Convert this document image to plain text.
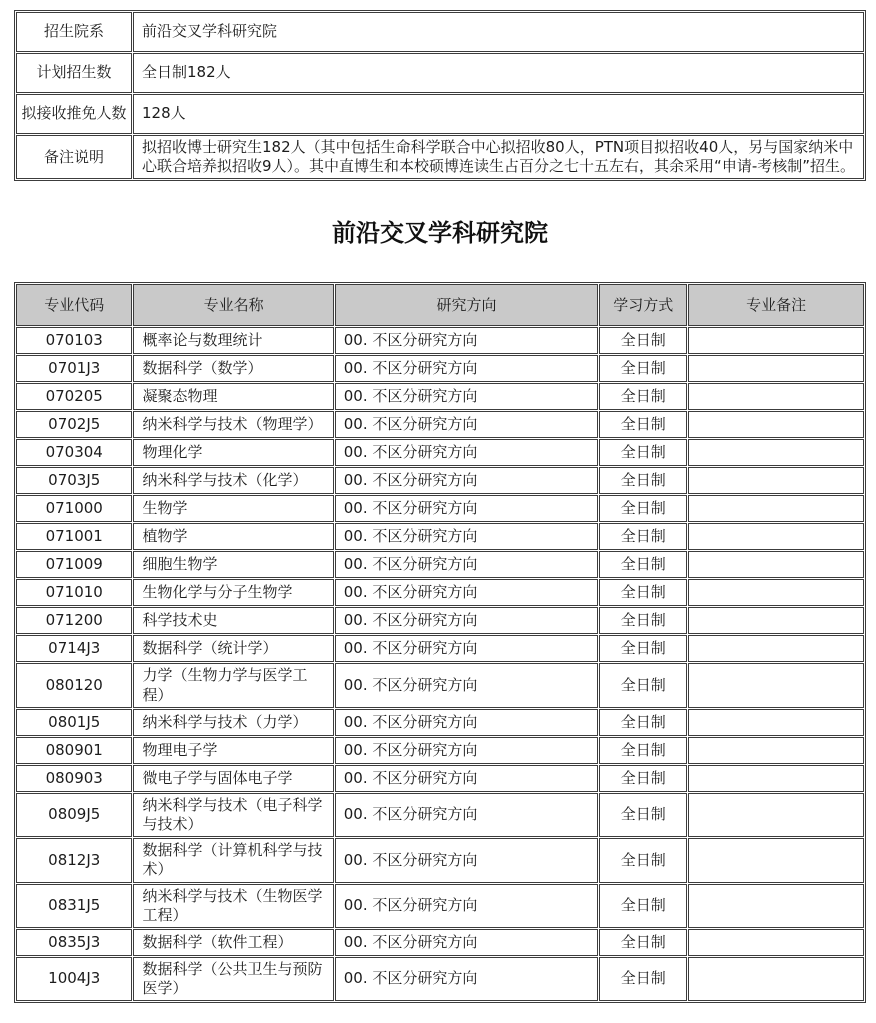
招生院系	前沿交叉学科研究院
计划招生数	全日制182人
拟接收推免人数	128人
备注说明	拟招收博士研究生182人（其中包括生命科学联合中心拟招收80人，PTN项目拟招收40人，另与国家纳米中心联合培养拟招收9人）。其中直博生和本校硕博连读生占百分之七十五左右，其余采用“申请-考核制”招生。
前沿交叉学科研究院
专业代码	专业名称	研究方向	学习方式	专业备注
070103	概率论与数理统计	00. 不区分研究方向	全日制	
0701J3	数据科学（数学）	00. 不区分研究方向	全日制	
070205	凝聚态物理	00. 不区分研究方向	全日制	
0702J5	纳米科学与技术（物理学）	00. 不区分研究方向	全日制	
070304	物理化学	00. 不区分研究方向	全日制	
0703J5	纳米科学与技术（化学）	00. 不区分研究方向	全日制	
071000	生物学	00. 不区分研究方向	全日制	
071001	植物学	00. 不区分研究方向	全日制	
071009	细胞生物学	00. 不区分研究方向	全日制	
071010	生物化学与分子生物学	00. 不区分研究方向	全日制	
071200	科学技术史	00. 不区分研究方向	全日制	
0714J3	数据科学（统计学）	00. 不区分研究方向	全日制	
080120	力学（生物力学与医学工程）	00. 不区分研究方向	全日制	
0801J5	纳米科学与技术（力学）	00. 不区分研究方向	全日制	
080901	物理电子学	00. 不区分研究方向	全日制	
080903	微电子学与固体电子学	00. 不区分研究方向	全日制	
0809J5	纳米科学与技术（电子科学与技术）	00. 不区分研究方向	全日制	
0812J3	数据科学（计算机科学与技术）	00. 不区分研究方向	全日制	
0831J5	纳米科学与技术（生物医学工程）	00. 不区分研究方向	全日制	
0835J3	数据科学（软件工程）	00. 不区分研究方向	全日制	
1004J3	数据科学（公共卫生与预防医学）	00. 不区分研究方向	全日制	
